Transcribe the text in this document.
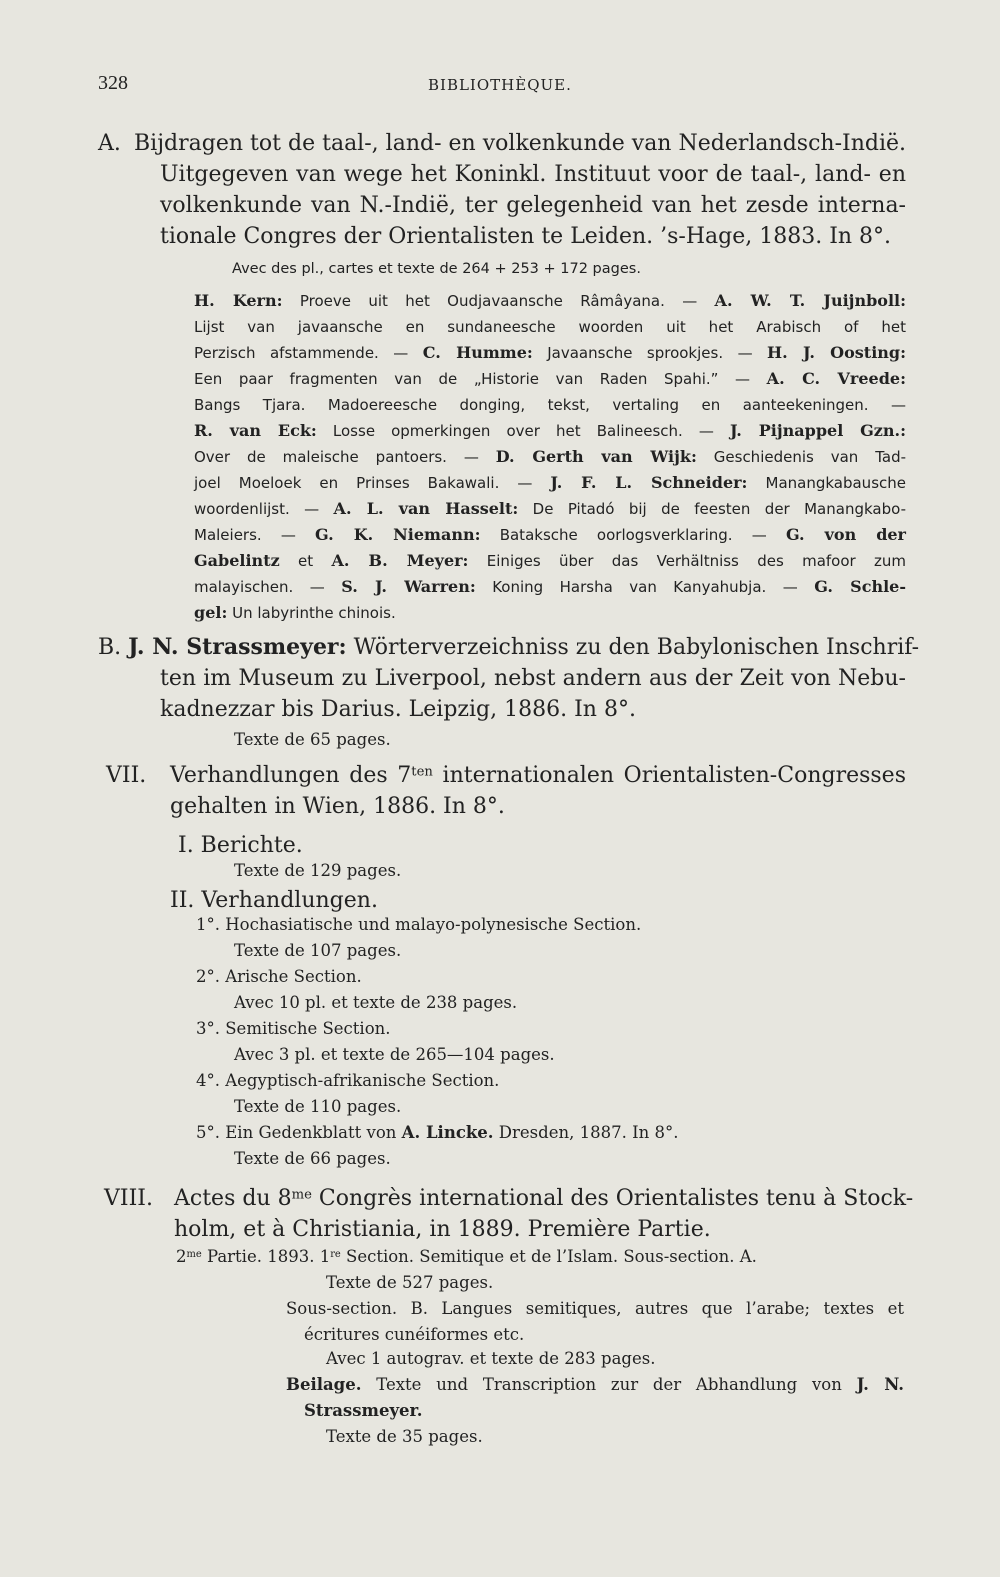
328	BIBLIOTHÈQUE.
A. Bijdragen tot de taal-, land- en volkenkunde van Nederlandsch-Indië.
Uitgegeven van wege het Koninkl. Instituut voor de taal-, land- en
volkenkunde van N.-Indië, ter gelegenheid van het zesde interna-
tionale Congres der Orientalisten te Leiden. ’s-Hage, 1883. In 8°.
Avec des pl., cartes et texte de 264 + 253 + 172 pages.
H. Kern: Proeve uit het Oudjavaansche Râmâyana. — A. W. T. Juijnboll:
Lijst van javaansche en sundaneesche woorden uit het Arabisch of het
Perzisch afstammende. — C. Humme: Javaansche sprookjes. — H. J. Oosting:
Een paar fragmenten van de „Historie van Raden Spahi.” — A. C. Vreede:
Bangs Tjara. Madoereesche donging, tekst, vertaling en aanteekeningen. —
R. van Eck: Losse opmerkingen over het Balineesch. — J. Pijnappel Gzn.:
Over de maleische pantoers. — D. Gerth van Wijk: Geschiedenis van Tad-
joel Moeloek en Prinses Bakawali. — J. F. L. Schneider: Manangkabausche
woordenlijst. — A. L. van Hasselt: De Pitadó bij de feesten der Manangkabo-
Maleiers. — G. K. Niemann: Bataksche oorlogsverklaring. — G. von der
Gabelintz et A. B. Meyer: Einiges über das Verhältniss des mafoor zum
malayischen. — S. J. Warren: Koning Harsha van Kanyahubja. — G. Schle-
gel: Un labyrinthe chinois.
B. J. N. Strassmeyer: Wörterverzeichniss zu den Babylonischen Inschrif-
ten im Museum zu Liverpool, nebst andern aus der Zeit von Nebu-
kadnezzar bis Darius. Leipzig, 1886. In 8°.
Texte de 65 pages.
VII. Verhandlungen des $7^{ten}$ internationalen Orientalisten-Congresses
gehalten in Wien, 1886. In 8°.
I. Berichte.
Texte de 129 pages.
II. Verhandlungen.
1°. Hochasiatische und malayo-polynesische Section.
Texte de 107 pages.
2°. Arische Section.
Avec 10 pl. et texte de 238 pages.
3°. Semitische Section.
Avec 3 pl. et texte de 265—104 pages.
4°. Aegyptisch-afrikanische Section.
Texte de 110 pages.
5°. Ein Gedenkblatt von A. Lincke. Dresden, 1887. In 8°.
Texte de 66 pages.
VIII. Actes du $8^{me}$ Congrès international des Orientalistes tenu à Stock-
holm, et à Christiania, in 1889. Première Partie.
$2^{me}$ Partie. 1893. 1re Section. Semitique et de l’Islam. Sous-section. A.
Texte de 527 pages.
Sous-section. B. Langues semitiques, autres que l’arabe; textes et
écritures cunéiformes etc.
Avec 1 autograv. et texte de 283 pages.
Beilage. Texte und Transcription zur der Abhandlung von J. N.
Strassmeyer.
Texte de 35 pages.
